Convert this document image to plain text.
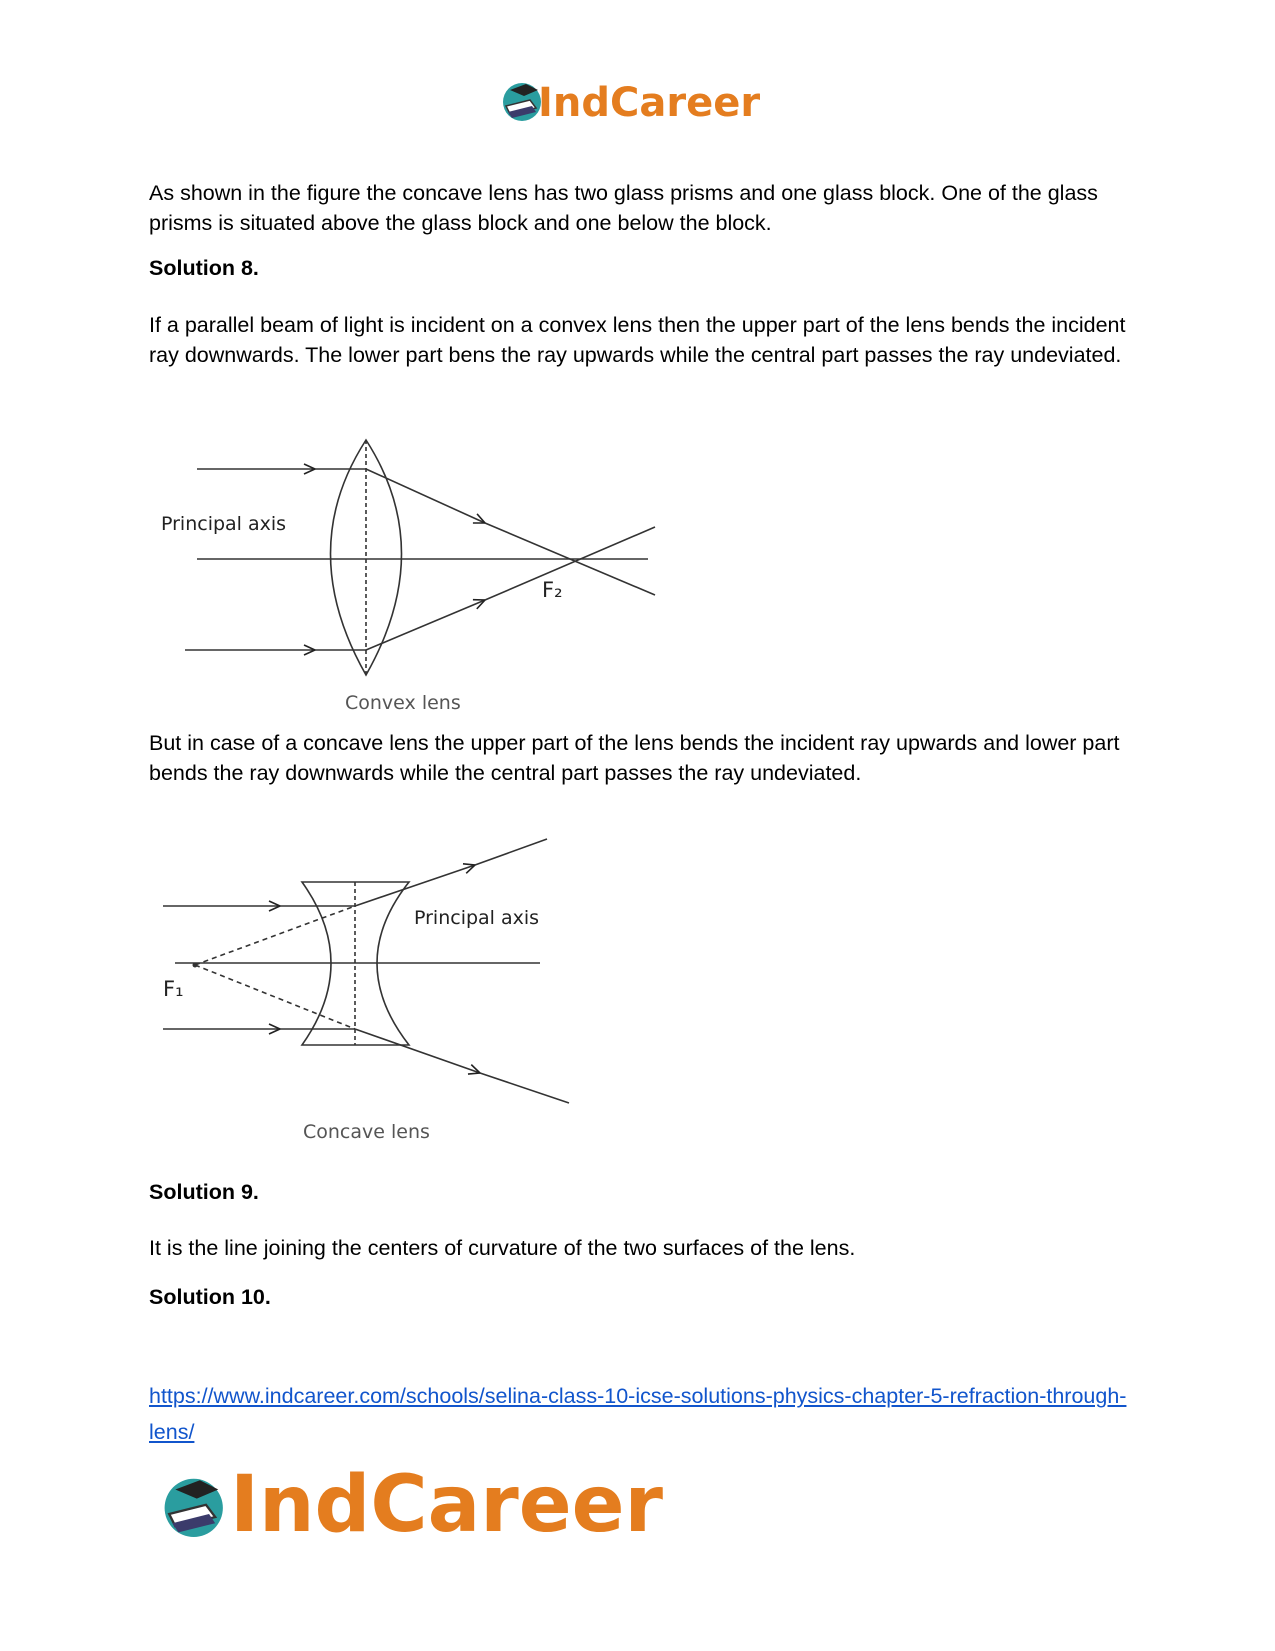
IndCareer

As shown in the figure the concave lens has two glass prisms and one glass block. One of the glass prisms is situated above the glass block and one below the block.

Solution 8.

If a parallel beam of light is incident on a convex lens then the upper part of the lens bends the incident ray downwards. The lower part bens the ray upwards while the central part passes the ray undeviated.

Principal axis
F₂
Convex lens

But in case of a concave lens the upper part of the lens bends the incident ray upwards and lower part bends the ray downwards while the central part passes the ray undeviated.

Principal axis
F₁
Concave lens

Solution 9.

It is the line joining the centers of curvature of the two surfaces of the lens.

Solution 10.

https://www.indcareer.com/schools/selina-class-10-icse-solutions-physics-chapter-5-refraction-through-lens/

IndCareer
